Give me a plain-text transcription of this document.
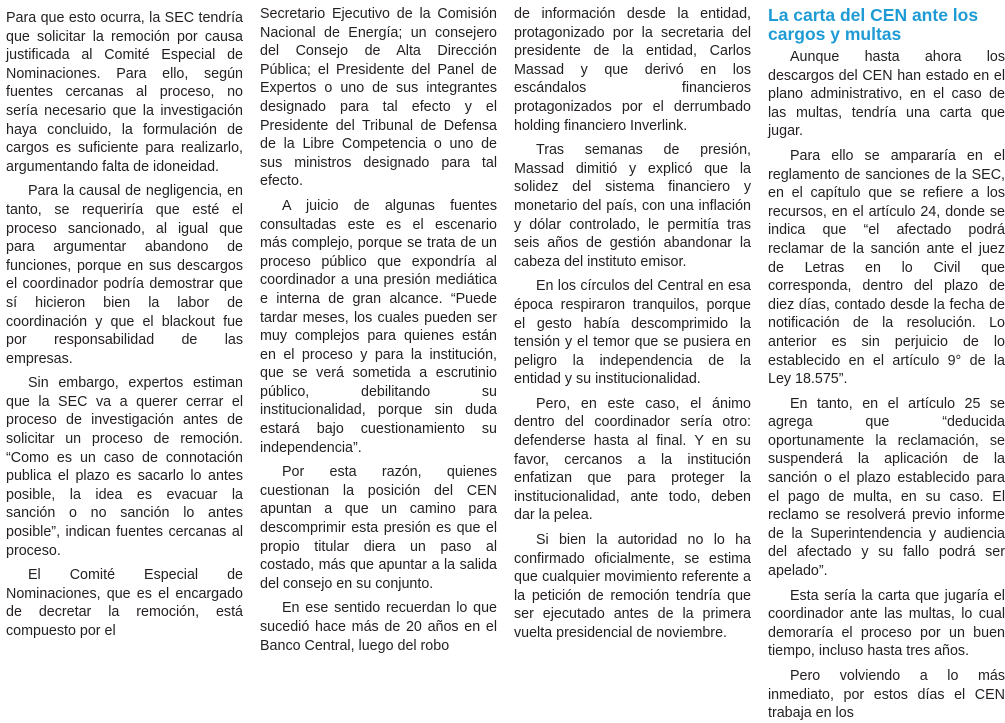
Para que esto ocurra, la SEC tendría que solicitar la remoción por causa justificada al Comité Especial de Nominaciones. Para ello, según fuentes cercanas al proceso, no sería necesario que la investigación haya concluido, la formulación de cargos es suficiente para realizarlo, argumentando falta de idoneidad.

Para la causal de negligencia, en tanto, se requeriría que esté el proceso sancionado, al igual que para argumentar abandono de funciones, porque en sus descargos el coordinador podría demostrar que sí hicieron bien la labor de coordinación y que el blackout fue por responsabilidad de las empresas.

Sin embargo, expertos estiman que la SEC va a querer cerrar el proceso de investigación antes de solicitar un proceso de remoción. “Como es un caso de connotación publica el plazo es sacarlo lo antes posible, la idea es evacuar la sanción o no sanción lo antes posible”, indican fuentes cercanas al proceso.

El Comité Especial de Nominaciones, que es el encargado de decretar la remoción, está compuesto por el

Secretario Ejecutivo de la Comisión Nacional de Energía; un consejero del Consejo de Alta Dirección Pública; el Presidente del Panel de Expertos o uno de sus integrantes designado para tal efecto y el Presidente del Tribunal de Defensa de la Libre Competencia o uno de sus ministros designado para tal efecto.

A juicio de algunas fuentes consultadas este es el escenario más complejo, porque se trata de un proceso público que expondría al coordinador a una presión mediática e interna de gran alcance. “Puede tardar meses, los cuales pueden ser muy complejos para quienes están en el proceso y para la institución, que se verá sometida a escrutinio público, debilitando su institucionalidad, porque sin duda estará bajo cuestionamiento su independencia”.

Por esta razón, quienes cuestionan la posición del CEN apuntan a que un camino para descomprimir esta presión es que el propio titular diera un paso al costado, más que apuntar a la salida del consejo en su conjunto.

En ese sentido recuerdan lo que sucedió hace más de 20 años en el Banco Central, luego del robo

de información desde la entidad, protagonizado por la secretaria del presidente de la entidad, Carlos Massad y que derivó en los escándalos financieros protagonizados por el derrumbado holding financiero Inverlink.

Tras semanas de presión, Massad dimitió y explicó que la solidez del sistema financiero y monetario del país, con una inflación y dólar controlado, le permitía tras seis años de gestión abandonar la cabeza del instituto emisor.

En los círculos del Central en esa época respiraron tranquilos, porque el gesto había descomprimido la tensión y el temor que se pusiera en peligro la independencia de la entidad y su institucionalidad.

Pero, en este caso, el ánimo dentro del coordinador sería otro: defenderse hasta al final. Y en su favor, cercanos a la institución enfatizan que para proteger la institucionalidad, ante todo, deben dar la pelea.

Si bien la autoridad no lo ha confirmado oficialmente, se estima que cualquier movimiento referente a la petición de remoción tendría que ser ejecutado antes de la primera vuelta presidencial de noviembre.

La carta del CEN ante los cargos y multas

Aunque hasta ahora los descargos del CEN han estado en el plano administrativo, en el caso de las multas, tendría una carta que jugar.

Para ello se ampararía en el reglamento de sanciones de la SEC, en el capítulo que se refiere a los recursos, en el artículo 24, donde se indica que “el afectado podrá reclamar de la sanción ante el juez de Letras en lo Civil que corresponda, dentro del plazo de diez días, contado desde la fecha de notificación de la resolución. Lo anterior es sin perjuicio de lo establecido en el artículo 9° de la Ley 18.575”.

En tanto, en el artículo 25 se agrega que “deducida oportunamente la reclamación, se suspenderá la aplicación de la sanción o el plazo establecido para el pago de multa, en su caso. El reclamo se resolverá previo informe de la Superintendencia y audiencia del afectado y su fallo podrá ser apelado”.

Esta sería la carta que jugaría el coordinador ante las multas, lo cual demoraría el proceso por un buen tiempo, incluso hasta tres años.

Pero volviendo a lo más inmediato, por estos días el CEN trabaja en los
